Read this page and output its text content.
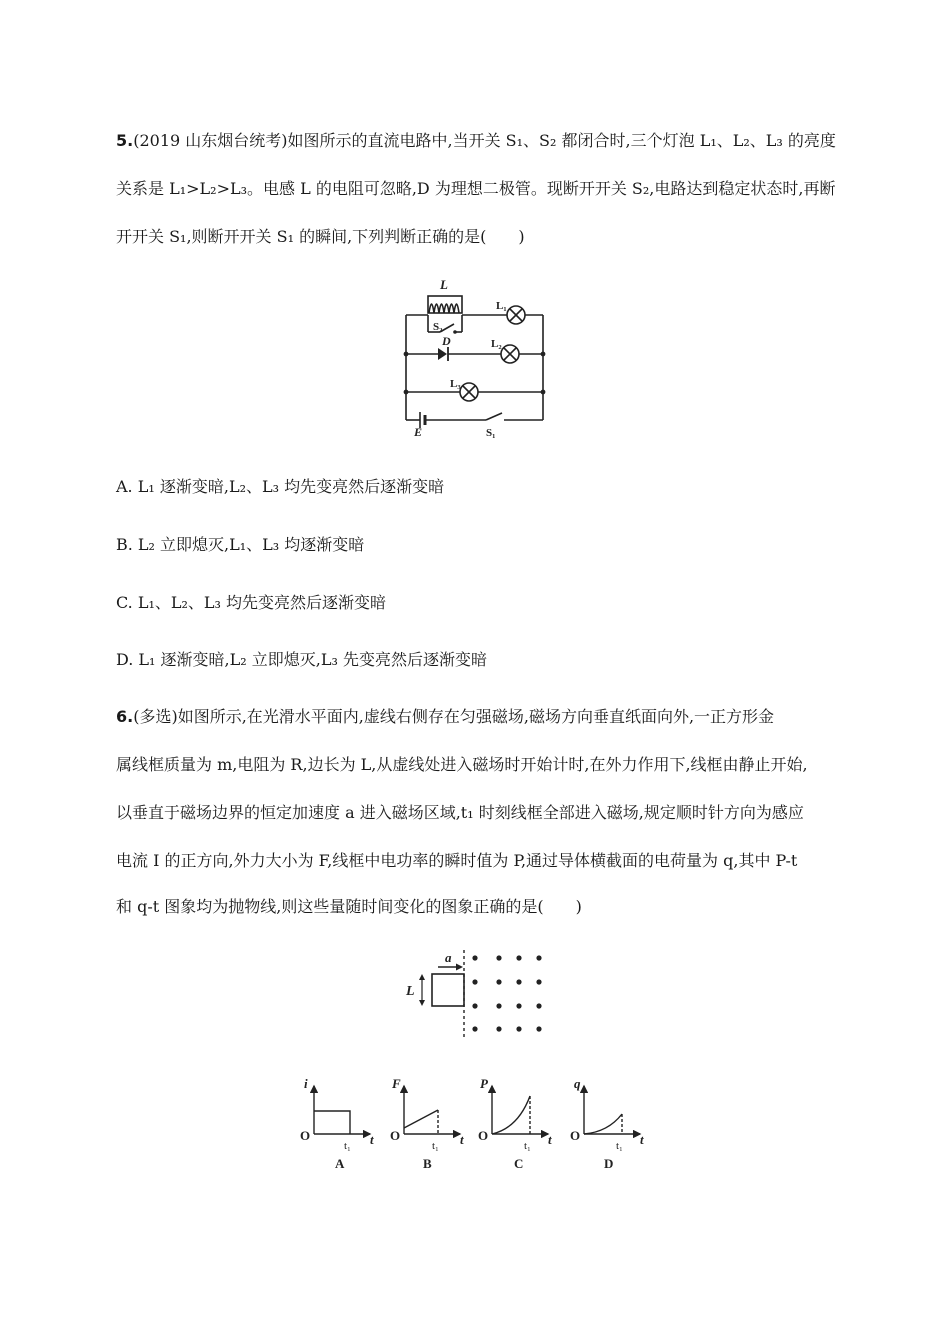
5.(2019 山东烟台统考)如图所示的直流电路中,当开关 S₁、S₂ 都闭合时,三个灯泡 L₁、L₂、L₃ 的亮度
关系是 L₁>L₂>L₃。电感 L 的电阻可忽略,D 为理想二极管。现断开开关 S₂,电路达到稳定状态时,再断
开开关 S₁,则断开开关 S₁ 的瞬间,下列判断正确的是(　　)
L
L₁
L₂
L₃
S₂
D
E	S₁
A. L₁ 逐渐变暗,L₂、L₃ 均先变亮然后逐渐变暗
B. L₂ 立即熄灭,L₁、L₃ 均逐渐变暗
C. L₁、L₂、L₃ 均先变亮然后逐渐变暗
D. L₁ 逐渐变暗,L₂ 立即熄灭,L₃ 先变亮然后逐渐变暗
6.(多选)如图所示,在光滑水平面内,虚线右侧存在匀强磁场,磁场方向垂直纸面向外,一正方形金
属线框质量为 m,电阻为 R,边长为 L,从虚线处进入磁场时开始计时,在外力作用下,线框由静止开始,
以垂直于磁场边界的恒定加速度 a 进入磁场区域,t₁ 时刻线框全部进入磁场,规定顺时针方向为感应
电流 I 的正方向,外力大小为 F,线框中电功率的瞬时值为 P,通过导体横截面的电荷量为 q,其中 P-t
和 q-t 图象均为抛物线,则这些量随时间变化的图象正确的是(　　)
a
L
i
O
t₁ t
A
F
O
t₁ t
B
P
O
t₁ t
C
q
O
t₁ t
D
